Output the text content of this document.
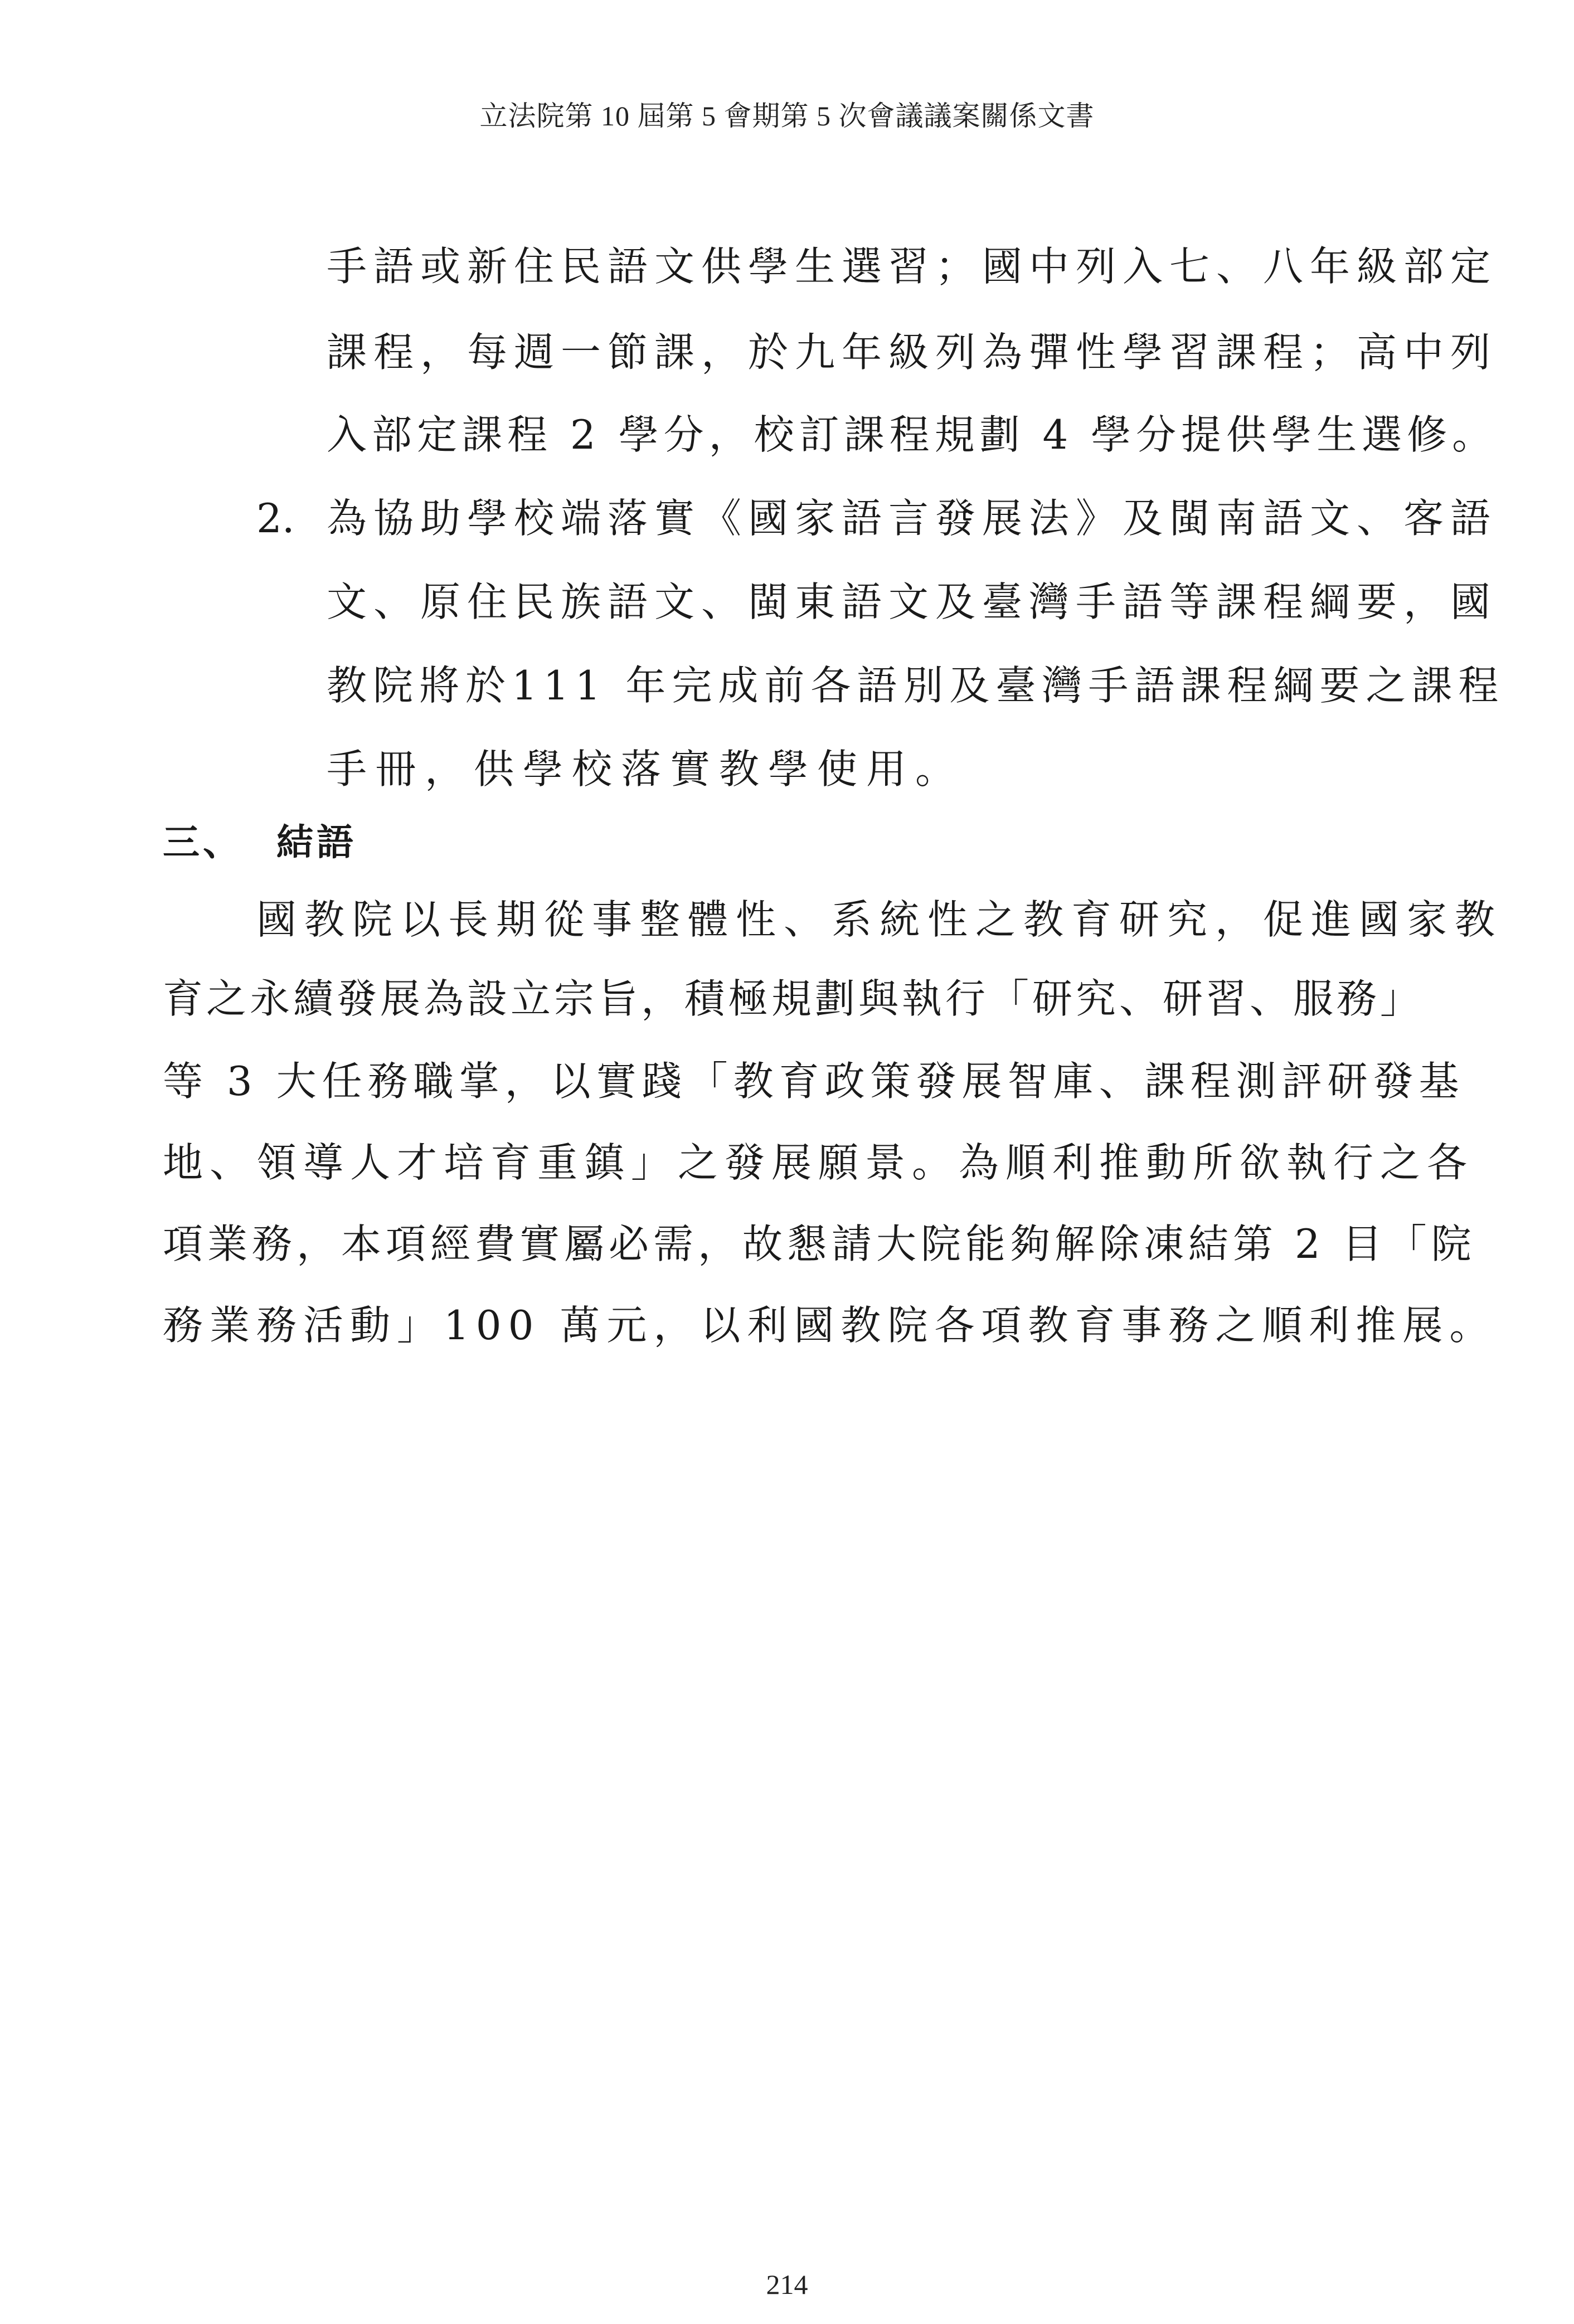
立法院第 10 屆第 5 會期第 5 次會議議案關係文書
手語或新住民語文供學生選習；國中列入七、八年級部定
課程，每週一節課，於九年級列為彈性學習課程；高中列
入部定課程 2 學分，校訂課程規劃 4 學分提供學生選修。
2. 為協助學校端落實《國家語言發展法》及閩南語文、客語
文、原住民族語文、閩東語文及臺灣手語等課程綱要，國
教院將於111 年完成前各語別及臺灣手語課程綱要之課程
手冊，供學校落實教學使用。
三、 結語
國教院以長期從事整體性、系統性之教育研究，促進國家教
育之永續發展為設立宗旨，積極規劃與執行「研究、研習、服務」
等 3 大任務職掌，以實踐「教育政策發展智庫、課程測評研發基
地、領導人才培育重鎮」之發展願景。為順利推動所欲執行之各
項業務，本項經費實屬必需，故懇請大院能夠解除凍結第 2 目「院
務業務活動」100 萬元，以利國教院各項教育事務之順利推展。
214
